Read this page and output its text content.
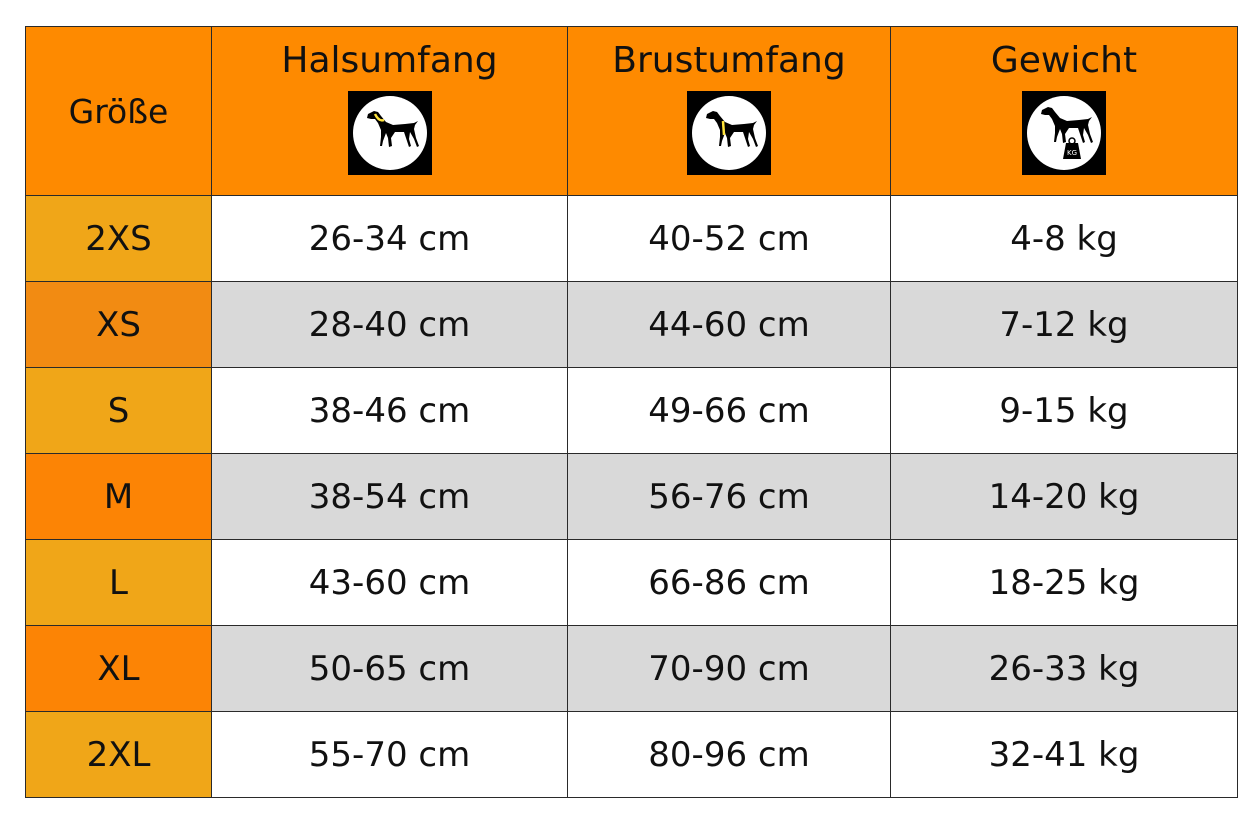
Größe	Halsumfang	Brustumfang	Gewicht
KG

2XS	26-34 cm	40-52 cm	4-8 kg
XS	28-40 cm	44-60 cm	7-12 kg
S	38-46 cm	49-66 cm	9-15 kg
M	38-54 cm	56-76 cm	14-20 kg
L	43-60 cm	66-86 cm	18-25 kg
XL	50-65 cm	70-90 cm	26-33 kg
2XL	55-70 cm	80-96 cm	32-41 kg
